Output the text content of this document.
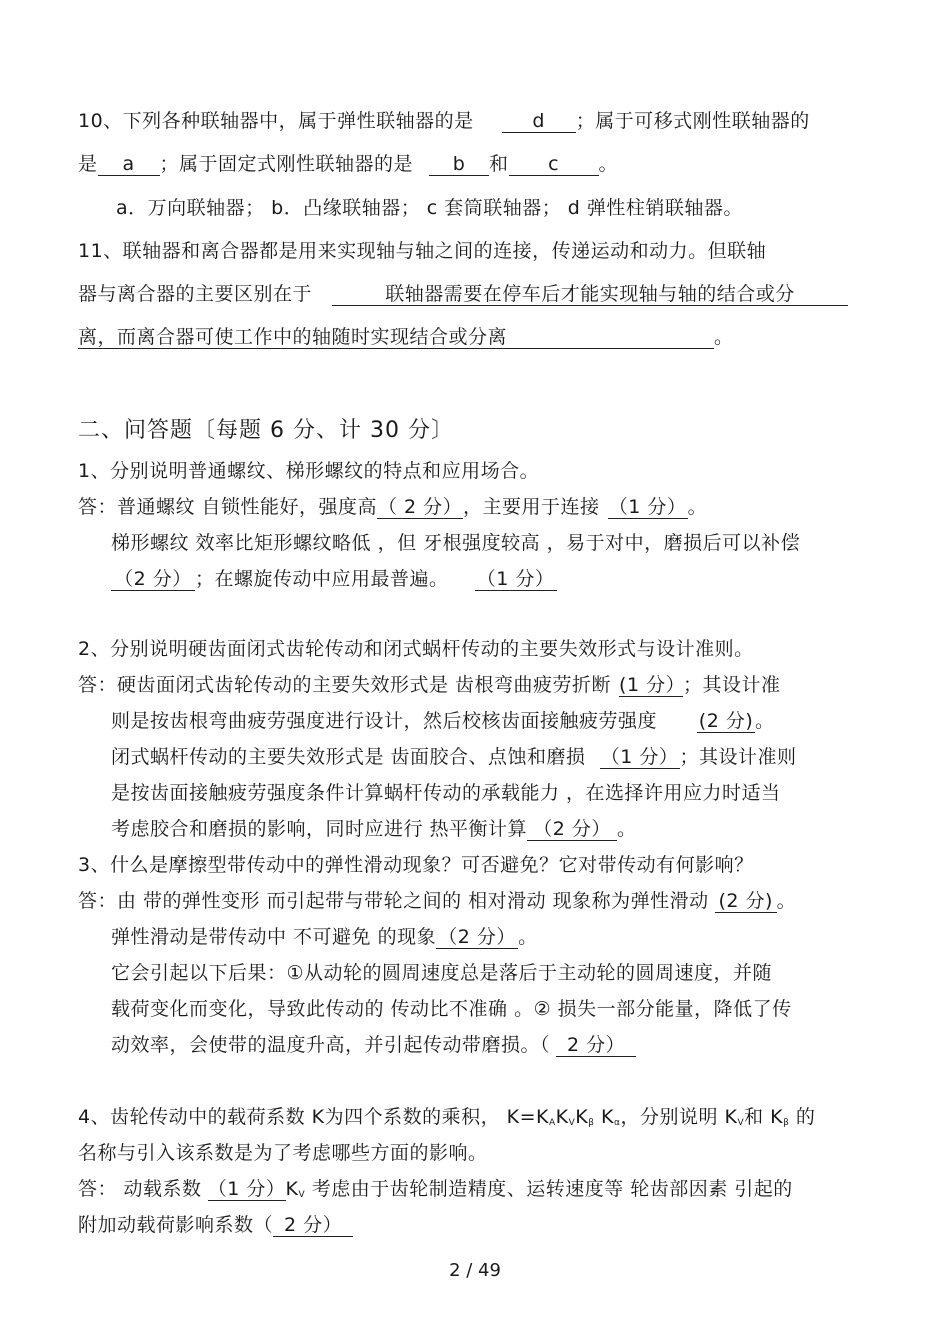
10、下列各种联轴器中，属于弹性联轴器的是	d ；属于可移式刚性联轴器的
是 a ；属于固定式刚性联轴器的是 b 和 c 。
a．万向联轴器； b．凸缘联轴器； c 套筒联轴器； d 弹性柱销联轴器。
11、联轴器和离合器都是用来实现轴与轴之间的连接，传递运动和动力。但联轴
器与离合器的主要区别在于	联轴器需要在停车后才能实现轴与轴的结合或分
离，而离合器可使工作中的轴随时实现结合或分离	。
二、问答题〔每题 6 分、计 30 分〕
1、分别说明普通螺纹、梯形螺纹的特点和应用场合。
答：普通螺纹 自锁性能好，强度高（ 2 分），主要用于连接 （1 分）。
梯形螺纹 效率比矩形螺纹略低 ，但 牙根强度较高 ，易于对中，磨损后可以补偿
（2 分） ；在螺旋传动中应用最普遍。 （1 分）
2、分别说明硬齿面闭式齿轮传动和闭式蜗杆传动的主要失效形式与设计准则。
答：硬齿面闭式齿轮传动的主要失效形式是 齿根弯曲疲劳折断 (1 分）；其设计准
则是按齿根弯曲疲劳强度进行设计，然后校核齿面接触疲劳强度 (2 分)。
闭式蜗杆传动的主要失效形式是 齿面胶合、点蚀和磨损 （1 分）；其设计准则
是按齿面接触疲劳强度条件计算蜗杆传动的承载能力 ，在选择许用应力时适当
考虑胶合和磨损的影响，同时应进行 热平衡计算 （2 分） 。
3、什么是摩擦型带传动中的弹性滑动现象？可否避免？它对带传动有何影响？
答：由 带的弹性变形 而引起带与带轮之间的 相对滑动 现象称为弹性滑动 (2 分) 。
弹性滑动是带传动中 不可避免 的现象 （2 分） 。
它会引起以下后果：①从动轮的圆周速度总是落后于主动轮的圆周速度，并随
载荷变化而变化，导致此传动的 传动比不准确 。② 损失一部分能量，降低了传
动效率，会使带的温度升高，并引起传动带磨损。（ 2 分）
4、齿轮传动中的载荷系数 K为四个系数的乘积， $K=K_AK_VK_\beta$ $K_\alpha$，分别说明 $K_V$和 $K_\beta$ 的
名称与引入该系数是为了考虑哪些方面的影响。
答： 动载系数 （1 分）$K_V$ 考虑由于齿轮制造精度、运转速度等 轮齿部因素 引起的
附加动载荷影响系数（2 分）
2 / 49
